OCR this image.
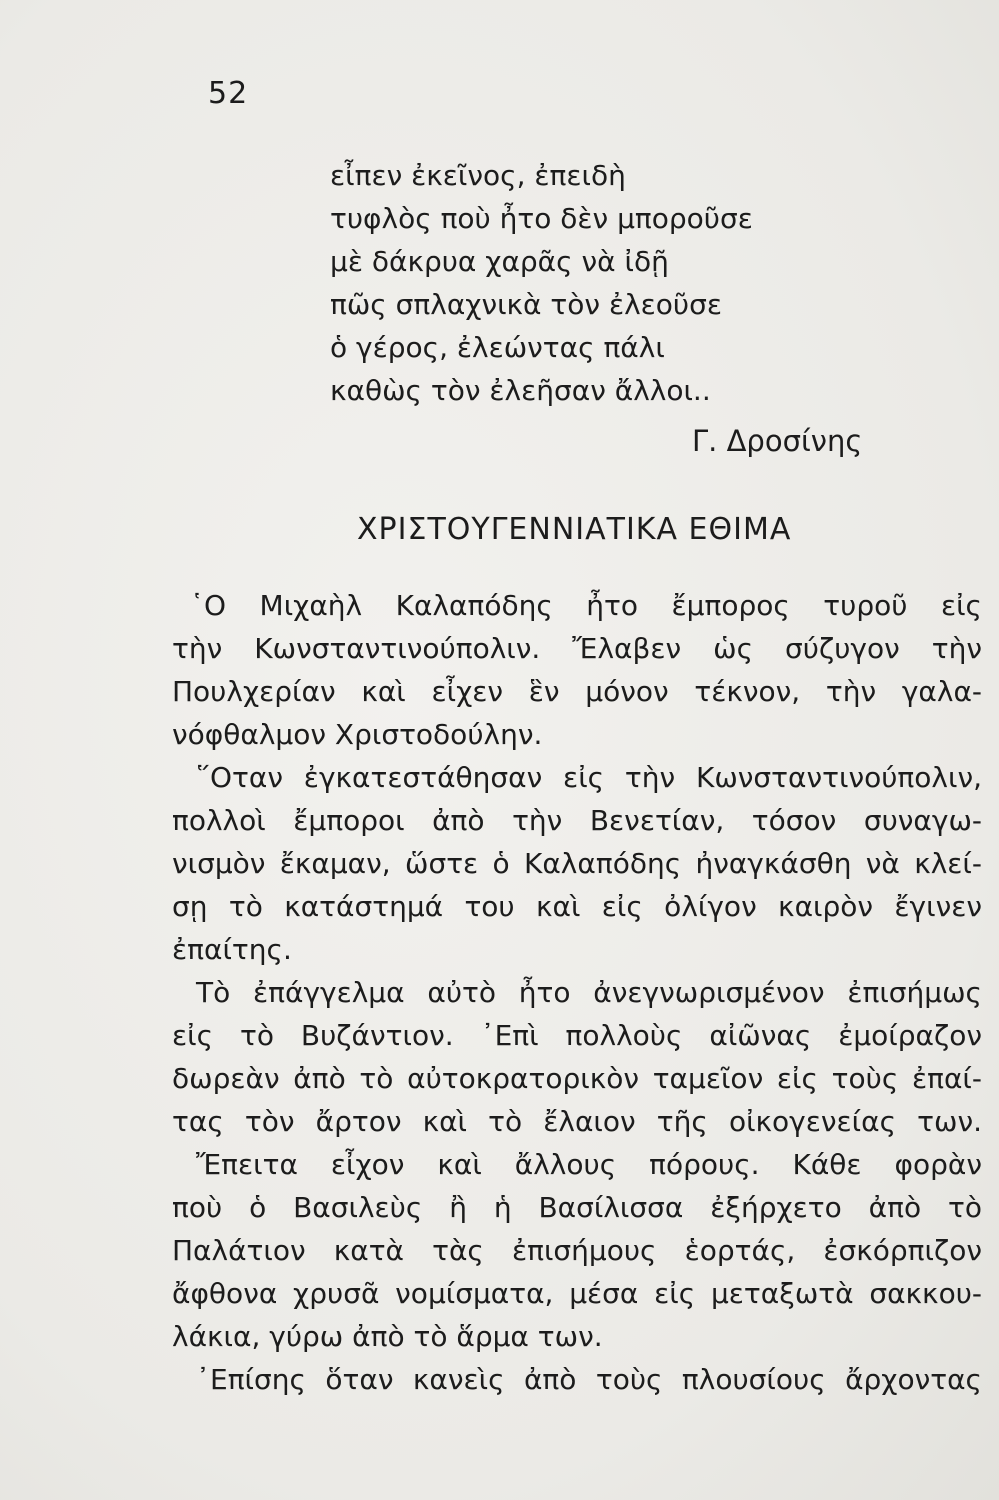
52
εἶπεν ἐκεῖνος, ἐπειδὴ
τυφλὸς ποὺ ἦτο δὲν μποροῦσε
μὲ δάκρυα χαρᾶς νὰ ἰδῇ
πῶς σπλαχνικὰ τὸν ἐλεοῦσε
ὁ γέρος, ἐλεώντας πάλι
καθὼς τὸν ἐλεῆσαν ἄλλοι..
Γ. Δροσίνης
ΧΡΙΣΤΟΥΓΕΝΝΙΑΤΙΚΑ ΕΘΙΜΑ
῾Ο Μιχαὴλ Καλαπόδης ἦτο ἔμπορος τυροῦ εἰς
τὴν Κωνσταντινούπολιν. Ἔλαβεν ὡς σύζυγον τὴν
Πουλχερίαν καὶ εἶχεν ἓν μόνον τέκνον, τὴν γαλα-
νόφθαλμον Χριστοδούλην.
῞Οταν ἐγκατεστάθησαν εἰς τὴν Κωνσταντινούπολιν,
πολλοὶ ἔμποροι ἀπὸ τὴν Βενετίαν, τόσον συναγω-
νισμὸν ἔκαμαν, ὥστε ὁ Καλαπόδης ἠναγκάσθη νὰ κλεί-
σῃ τὸ κατάστημά του καὶ εἰς ὀλίγον καιρὸν ἔγινεν
ἐπαίτης.
Τὸ ἐπάγγελμα αὐτὸ ἦτο ἀνεγνωρισμένον ἐπισήμως
εἰς τὸ Βυζάντιον. ᾿Επὶ πολλοὺς αἰῶνας ἐμοίραζον
δωρεὰν ἀπὸ τὸ αὐτοκρατορικὸν ταμεῖον εἰς τοὺς ἐπαί-
τας τὸν ἄρτον καὶ τὸ ἔλαιον τῆς οἰκογενείας των.
Ἔπειτα εἶχον καὶ ἄλλους πόρους. Κάθε φορὰν
ποὺ ὁ Βασιλεὺς ἢ ἡ Βασίλισσα ἐξήρχετο ἀπὸ τὸ
Παλάτιον κατὰ τὰς ἐπισήμους ἑορτάς, ἐσκόρπιζον
ἄφθονα χρυσᾶ νομίσματα, μέσα εἰς μεταξωτὰ σακκου-
λάκια, γύρω ἀπὸ τὸ ἅρμα των.
᾿Επίσης ὅταν κανεὶς ἀπὸ τοὺς πλουσίους ἄρχοντας
